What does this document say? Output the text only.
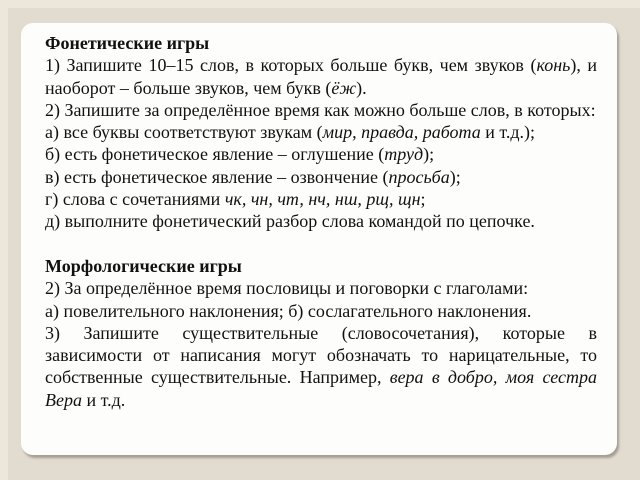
Фонетические игры

1) Запишите 10–15 слов, в которых больше букв, чем звуков (конь), и наоборот – больше звуков, чем букв (ёж).

2) Запишите за определённое время как можно больше слов, в которых:

а) все буквы соответствуют звукам (мир, правда, работа и т.д.);

б) есть фонетическое явление – оглушение (труд);

в) есть фонетическое явление – озвончение (просьба);

г) слова с сочетаниями чк, чн, чт, нч, нш, рщ, щн;

д) выполните фонетический разбор слова командой по цепочке.

Морфологические игры

2) За определённое время пословицы и поговорки с глаголами:

а) повелительного наклонения; б) сослагательного наклонения.

3) Запишите существительные (словосочетания), которые в зависимости от написания могут обозначать то нарицательные, то собственные существительные. Например, вера в добро, моя сестра Вера и т.д.
